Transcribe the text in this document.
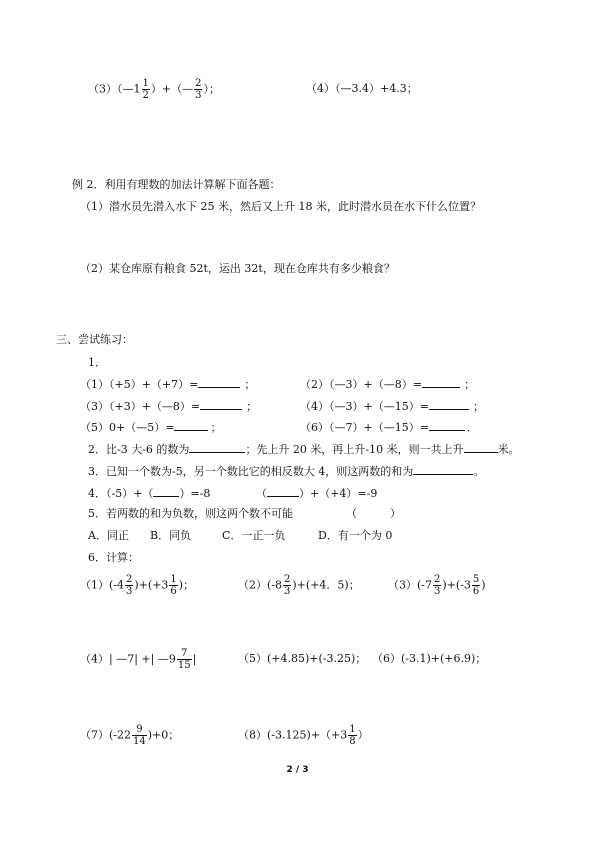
（3）（—1 $\frac{1}{2}$ ）+（— $\frac{2}{3}$ ）；	（4）（—3.4）+4.3；
例 2．利用有理数的加法计算解下面各题：
（1）潜水员先潜入水下 25 米，然后又上升 18 米，此时潜水员在水下什么位置？
（2）某仓库原有粮食 52t，运出 32t，现在仓库共有多少粮食？
三、尝试练习：
1．
（1）（+5）+（+7）=	；	（2）（—3）+（—8）=	；
（3）（+3）+（—8）=	；	（4）（—3）+（—15）=	；
（5）0+（—5）=	；	（6）（—7）+（—15）=	．
2．比-3 大-6 的数为	；先上升 20 米，再上升-10 米，则一共上升	米。
3．已知一个数为-5，另一个数比它的相反数大 4，则这两数的和为	。
4．（-5）+（ ）=-8	（	）+（+4）=-9
5．若两数的和为负数，则这两个数不可能	（　　　）
A．同正 B．同负	C．一正一负	D．有一个为 0
6．计算：
$(1)(-4 \frac{2}{3} )+(+3 \frac{1}{6}$ )；	$(2)(-8 \frac{2}{3} )+(+4$．5)；	$(3)(-7 \frac{2}{3} )+(-3 \frac{5}{6}$ )
（4）| —7| +| —9 $\frac{7}{15}$ |	（5）(+4.85)+(-3.25)； （6）(-3.1)+(+6.9)；
$(7)(-22 \frac{9}{14} )+0$；	$(8)(-3.125)+(+3 \frac{1}{8}$ ）
2 / 3
